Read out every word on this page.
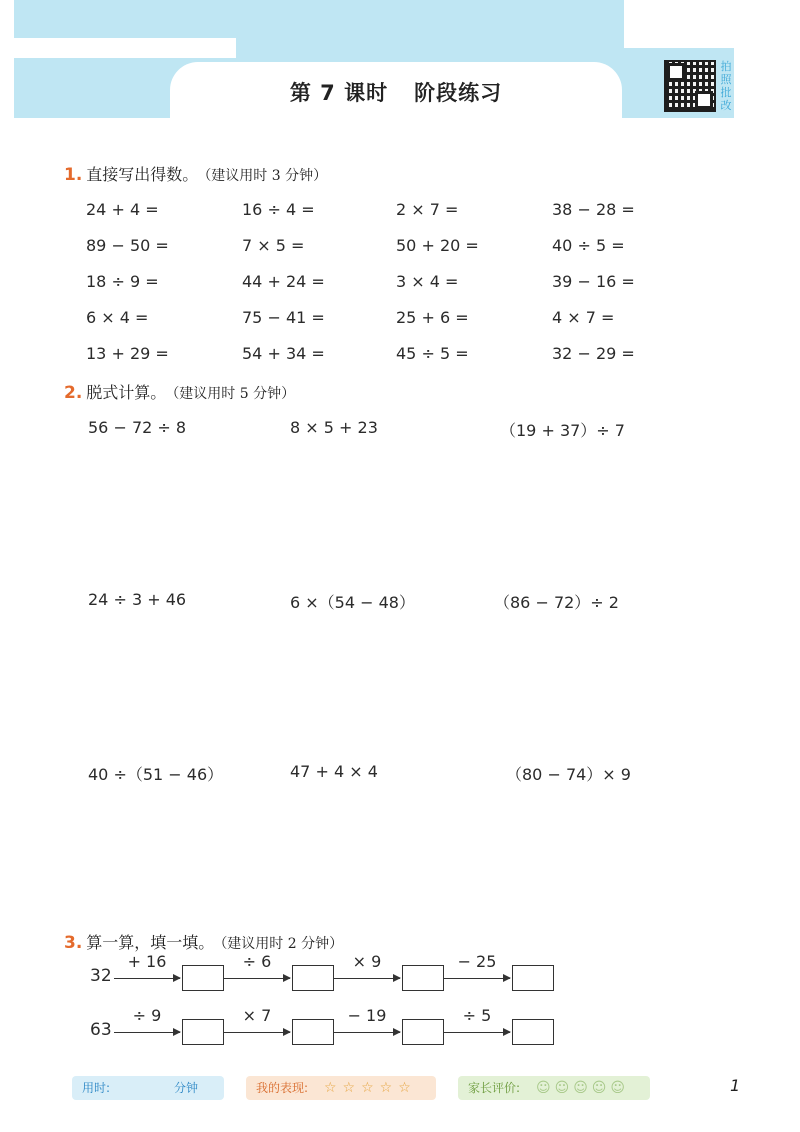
第 7 课时 阶段练习
拍
照
批
改
1. 直接写出得数。 （建议用时 3 分钟）
24 + 4 =	16 ÷ 4 =	2 × 7 =	38 − 28 =
89 − 50 =	7 × 5 =	50 + 20 =	40 ÷ 5 =
18 ÷ 9 =	44 + 24 =	3 × 4 =	39 − 16 =
6 × 4 =	75 − 41 =	25 + 6 =	4 × 7 =
13 + 29 =	54 + 34 =	45 ÷ 5 =	32 − 29 =
2. 脱式计算。 （建议用时 5 分钟）
56 − 72 ÷ 8	8 × 5 + 23	（19 + 37）÷ 7
24 ÷ 3 + 46	6 ×（54 − 48）	（86 − 72）÷ 2
40 ÷（51 − 46）	47 + 4 × 4	（80 − 74）× 9
3. 算一算，填一填。 （建议用时 2 分钟）
32
+ 16	÷ 6	× 9	− 25
63
÷ 9	× 7	− 19	÷ 5
用时:	分钟	我的表现: ☆☆☆☆☆	家长评价: ☺☺☺☺☺	1
